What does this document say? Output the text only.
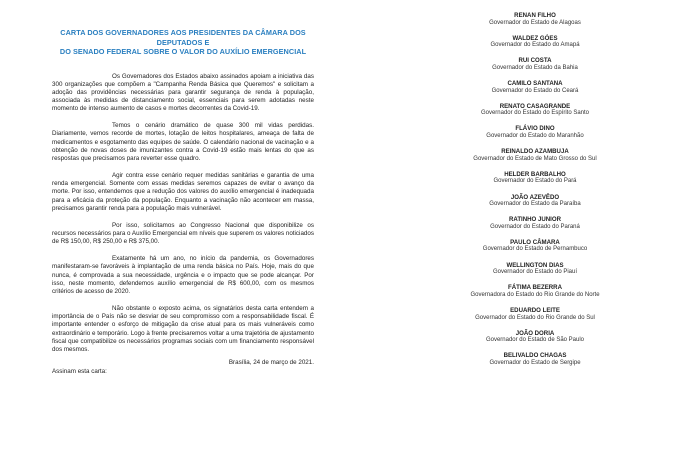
CARTA DOS GOVERNADORES AOS PRESIDENTES DA CÂMARA DOS DEPUTADOS E
DO SENADO FEDERAL SOBRE O VALOR DO AUXÍLIO EMERGENCIAL

Os Governadores dos Estados abaixo assinados apoiam a iniciativa das 300 organizações que compõem a "Campanha Renda Básica que Queremos" e solicitam a adoção das providências necessárias para garantir segurança de renda à população, associada às medidas de distanciamento social, essenciais para serem adotadas neste momento de intenso aumento de casos e mortes decorrentes da Covid-19.

Temos o cenário dramático de quase 300 mil vidas perdidas. Diariamente, vemos recorde de mortes, lotação de leitos hospitalares, ameaça de falta de medicamentos e esgotamento das equipes de saúde. O calendário nacional de vacinação e a obtenção de novas doses de imunizantes contra a Covid-19 estão mais lentas do que as respostas que precisamos para reverter esse quadro.

Agir contra esse cenário requer medidas sanitárias e garantia de uma renda emergencial. Somente com essas medidas seremos capazes de evitar o avanço da morte. Por isso, entendemos que a redução dos valores do auxílio emergencial é inadequada para a eficácia da proteção da população. Enquanto a vacinação não acontecer em massa, precisamos garantir renda para a população mais vulnerável.

Por isso, solicitamos ao Congresso Nacional que disponibilize os recursos necessários para o Auxílio Emergencial em níveis que superem os valores noticiados de R$ 150,00, R$ 250,00 e R$ 375,00.

Exatamente há um ano, no início da pandemia, os Governadores manifestaram-se favoráveis à implantação de uma renda básica no País. Hoje, mais do que nunca, é comprovada a sua necessidade, urgência e o impacto que se pode alcançar. Por isso, neste momento, defendemos auxílio emergencial de R$ 600,00, com os mesmos critérios de acesso de 2020.

Não obstante o exposto acima, os signatários desta carta entendem a importância de o País não se desviar de seu compromisso com a responsabilidade fiscal. É importante entender o esforço de mitigação da crise atual para os mais vulneráveis como extraordinário e temporário. Logo à frente precisaremos voltar a uma trajetória de ajustamento fiscal que compatibilize os necessários programas sociais com um financiamento responsável dos mesmos.

Brasília, 24 de março de 2021.
Assinam esta carta:
RENAN FILHO
Governador do Estado de Alagoas
WALDEZ GÓES
Governador do Estado do Amapá
RUI COSTA
Governador do Estado da Bahia
CAMILO SANTANA
Governador do Estado do Ceará
RENATO CASAGRANDE
Governador do Estado do Espírito Santo
FLÁVIO DINO
Governador do Estado do Maranhão
REINALDO AZAMBUJA
Governador do Estado de Mato Grosso do Sul
HELDER BARBALHO
Governador do Estado do Pará
JOÃO AZEVÊDO
Governador do Estado da Paraíba
RATINHO JUNIOR
Governador do Estado do Paraná
PAULO CÂMARA
Governador do Estado de Pernambuco
WELLINGTON DIAS
Governador do Estado do Piauí
FÁTIMA BEZERRA
Governadora do Estado do Rio Grande do Norte
EDUARDO LEITE
Governador do Estado do Rio Grande do Sul
JOÃO DORIA
Governador do Estado de São Paulo
BELIVALDO CHAGAS
Governador do Estado de Sergipe
